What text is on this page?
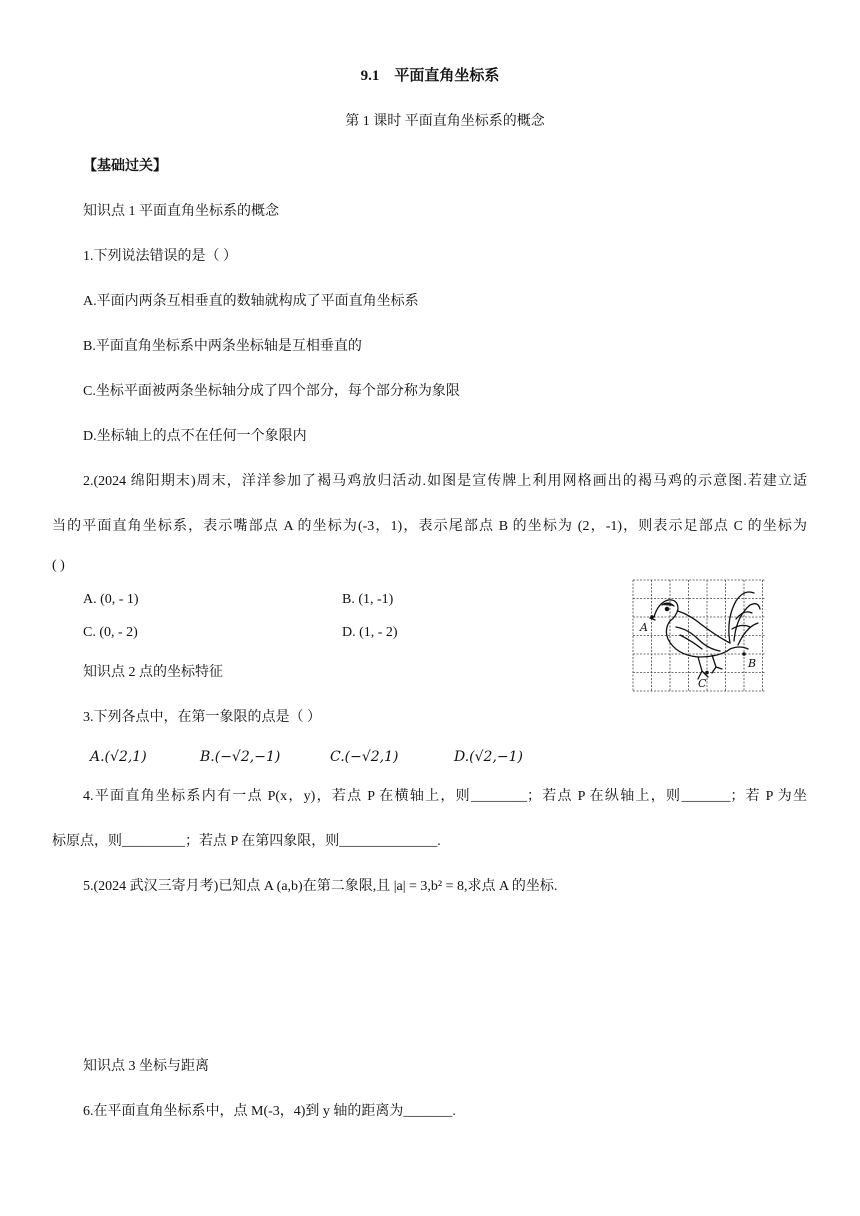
9.1　平面直角坐标系
第 1 课时 平面直角坐标系的概念
【基础过关】
知识点 1 平面直角坐标系的概念
1.下列说法错误的是（ ）
A.平面内两条互相垂直的数轴就构成了平面直角坐标系
B.平面直角坐标系中两条坐标轴是互相垂直的
C.坐标平面被两条坐标轴分成了四个部分，每个部分称为象限
D.坐标轴上的点不在任何一个象限内
2.(2024 绵阳期末)周末，洋洋参加了褐马鸡放归活动.如图是宣传牌上利用网格画出的褐马鸡的示意图.若建立适
当的平面直角坐标系，表示嘴部点 A 的坐标为(-3，1)，表示尾部点 B 的坐标为 (2，-1)，则表示足部点 C 的坐标为
( )
A. (0, - 1)	B. (1, -1)
C. (0, - 2)	D. (1, - 2)	A
B
C
知识点 2 点的坐标特征
3.下列各点中，在第一象限的点是（ ）
A.(√2,1)	B.(−√2,−1)	C.(−√2,1)	D.(√2,−1)
4.平面直角坐标系内有一点 P(x，y)，若点 P 在横轴上，则________；若点 P 在纵轴上，则_______；若 P 为坐
标原点，则_________；若点 P 在第四象限，则______________.
5.(2024 武汉三寄月考)已知点 A (a,b)在第二象限,且 |a| = 3,b² = 8,求点 A 的坐标.
知识点 3 坐标与距离
6.在平面直角坐标系中，点 M(-3，4)到 y 轴的距离为_______.
